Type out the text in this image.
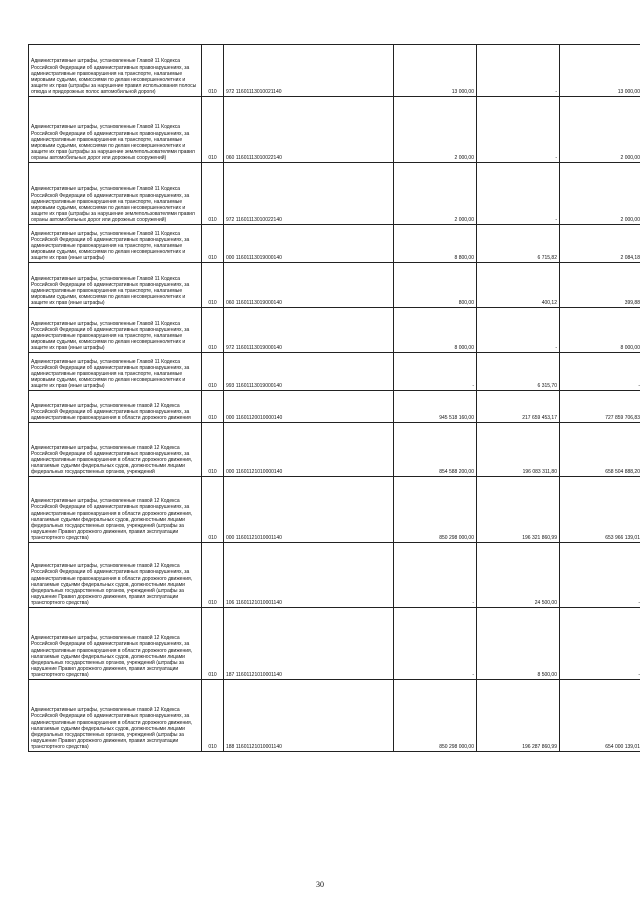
Административные штрафы, установленные Главой 11 Кодекса Российской Федерации об административных правонарушениях, за административные правонарушения на транспорте, налагаемые мировыми судьями, комиссиями по делам несовершеннолетних и защите их прав (штрафы за нарушение правил использования полосы отвода и придорожных полос автомобильной дороги)	010	972 11601113010021140	13 000,00	-	13 000,00
Административные штрафы, установленные Главой 11 Кодекса Российской Федерации об административных правонарушениях, за административные правонарушения на транспорте, налагаемые мировыми судьями, комиссиями по делам несовершеннолетних и защите их прав (штрафы за нарушение землепользователями правил охраны автомобильных дорог или дорожных сооружений)	010	060 11601113010022140	2 000,00	-	2 000,00
Административные штрафы, установленные Главой 11 Кодекса Российской Федерации об административных правонарушениях, за административные правонарушения на транспорте, налагаемые мировыми судьями, комиссиями по делам несовершеннолетних и защите их прав (штрафы за нарушение землепользователями правил охраны автомобильных дорог или дорожных сооружений)	010	972 11601113010022140	2 000,00	-	2 000,00
Административные штрафы, установленные Главой 11 Кодекса Российской Федерации об административных правонарушениях, за административные правонарушения на транспорте, налагаемые мировыми судьями, комиссиями по делам несовершеннолетних и защите их прав (иные штрафы)	010	000 11601113019000140	8 800,00	6 715,82	2 084,18
Административные штрафы, установленные Главой 11 Кодекса Российской Федерации об административных правонарушениях, за административные правонарушения на транспорте, налагаемые мировыми судьями, комиссиями по делам несовершеннолетних и защите их прав (иные штрафы)	010	060 11601113019000140	800,00	400,12	399,88
Административные штрафы, установленные Главой 11 Кодекса Российской Федерации об административных правонарушениях, за административные правонарушения на транспорте, налагаемые мировыми судьями, комиссиями по делам несовершеннолетних и защите их прав (иные штрафы)	010	972 11601113019000140	8 000,00	-	8 000,00
Административные штрафы, установленные Главой 11 Кодекса Российской Федерации об административных правонарушениях, за административные правонарушения на транспорте, налагаемые мировыми судьями, комиссиями по делам несовершеннолетних и защите их прав (иные штрафы)	010	993 11601113019000140	-	6 315,70	-
Административные штрафы, установленные главой 12 Кодекса Российской Федерации об административных правонарушениях, за административные правонарушения в области дорожного движения	010	000 11601120010000140	945 518 160,00	217 659 453,17	727 859 706,83
Административные штрафы, установленные главой 12 Кодекса Российской Федерации об административных правонарушениях, за административные правонарушения в области дорожного движения, налагаемые судьями федеральных судов, должностными лицами федеральных государственных органов, учреждений	010	000 11601121010000140	854 588 200,00	196 083 311,80	658 504 888,20
Административные штрафы, установленные главой 12 Кодекса Российской Федерации об административных правонарушениях, за административные правонарушения в области дорожного движения, налагаемые судьями федеральных судов, должностными лицами федеральных государственных органов, учреждений (штрафы за нарушение Правил дорожного движения, правил эксплуатации транспортного средства)	010	000 11601121010001140	850 298 000,00	196 321 860,99	653 966 139,01
Административные штрафы, установленные главой 12 Кодекса Российской Федерации об административных правонарушениях, за административные правонарушения в области дорожного движения, налагаемые судьями федеральных судов, должностными лицами федеральных государственных органов, учреждений (штрафы за нарушение Правил дорожного движения, правил эксплуатации транспортного средства)	010	106 11601121010001140	-	24 500,00	-
Административные штрафы, установленные главой 12 Кодекса Российской Федерации об административных правонарушениях, за административные правонарушения в области дорожного движения, налагаемые судьями федеральных судов, должностными лицами федеральных государственных органов, учреждений (штрафы за нарушение Правил дорожного движения, правил эксплуатации транспортного средства)	010	187 11601121010001140	-	8 500,00	-
Административные штрафы, установленные главой 12 Кодекса Российской Федерации об административных правонарушениях, за административные правонарушения в области дорожного движения, налагаемые судьями федеральных судов, должностными лицами федеральных государственных органов, учреждений (штрафы за нарушение Правил дорожного движения, правил эксплуатации транспортного средства)	010	188 11601121010001140	850 298 000,00	196 287 860,99	654 000 139,01
30
